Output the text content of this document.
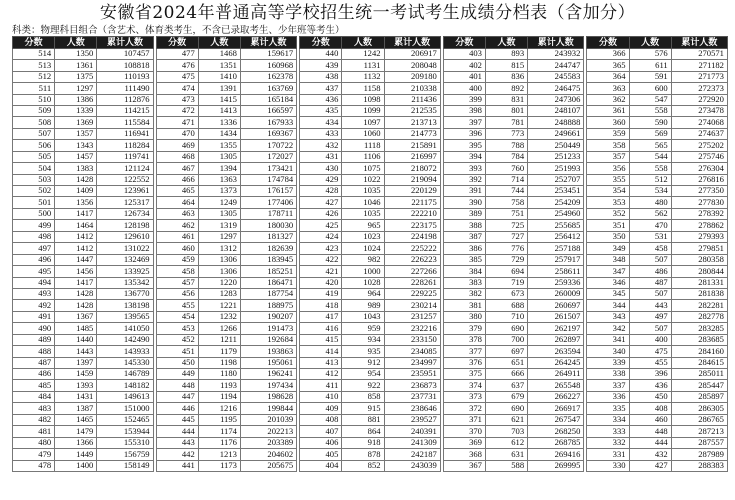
安徽省2024年普通高等学校招生统一考试考生成绩分档表（含加分）
科类：物理科目组合（含艺术、体育类考生，不含已录取考生、少年班等考生）
分数	人数	累计人数
514	1350	107457
513	1361	108818
512	1375	110193
511	1297	111490
510	1386	112876
509	1339	114215
508	1369	115584
507	1357	116941
506	1343	118284
505	1457	119741
504	1383	121124
503	1428	122552
502	1409	123961
501	1356	125317
500	1417	126734
499	1464	128198
498	1412	129610
497	1412	131022
496	1447	132469
495	1456	133925
494	1417	135342
493	1428	136770
492	1428	138198
491	1367	139565
490	1485	141050
489	1440	142490
488	1443	143933
487	1397	145330
486	1459	146789
485	1393	148182
484	1431	149613
483	1387	151000
482	1465	152465
481	1479	153944
480	1366	155310
479	1449	156759
478	1400	158149
分数	人数	累计人数
477	1468	159617
476	1351	160968
475	1410	162378
474	1391	163769
473	1415	165184
472	1413	166597
471	1336	167933
470	1434	169367
469	1355	170722
468	1305	172027
467	1394	173421
466	1363	174784
465	1373	176157
464	1249	177406
463	1305	178711
462	1319	180030
461	1297	181327
460	1312	182639
459	1306	183945
458	1306	185251
457	1220	186471
456	1283	187754
455	1221	188975
454	1232	190207
453	1266	191473
452	1211	192684
451	1179	193863
450	1198	195061
449	1180	196241
448	1193	197434
447	1194	198628
446	1216	199844
445	1195	201039
444	1174	202213
443	1176	203389
442	1213	204602
441	1173	205675
分数	人数	累计人数
440	1242	206917
439	1131	208048
438	1132	209180
437	1158	210338
436	1098	211436
435	1099	212535
434	1097	213713
433	1060	214773
432	1118	215891
431	1106	216997
430	1075	218072
429	1022	219094
428	1035	220129
427	1046	221175
426	1035	222210
425	965	223175
424	1023	224198
423	1024	225222
422	982	226223
421	1000	227266
420	1028	228261
419	964	229225
418	989	230214
417	1043	231257
416	959	232216
415	934	233150
414	935	234085
413	912	234997
412	954	235951
411	922	236873
410	858	237731
409	915	238646
408	881	239527
407	864	240391
406	918	241309
405	878	242187
404	852	243039
分数	人数	累计人数
403	893	243932
402	815	244747
401	836	245583
400	892	246475
399	831	247306
398	801	248107
397	781	248888
396	773	249661
395	788	250449
394	784	251233
393	760	251993
392	714	252707
391	744	253451
390	758	254209
389	751	254960
388	725	255685
387	727	256412
386	776	257188
385	729	257917
384	694	258611
383	719	259336
382	673	260009
381	688	260697
380	710	261507
379	690	262197
378	700	262897
377	697	263594
376	651	264245
375	666	264911
374	637	265548
373	679	266227
372	690	266917
371	621	267547
370	703	268250
369	612	268785
368	631	269416
367	588	269995
分数	人数	累计人数
366	576	270571
365	611	271182
364	591	271773
363	600	272373
362	547	272920
361	558	273478
360	590	274068
359	569	274637
358	565	275202
357	544	275746
356	558	276304
355	512	276816
354	534	277350
353	480	277830
352	562	278392
351	470	278862
350	531	279393
349	458	279851
348	507	280358
347	486	280844
346	487	281331
345	507	281838
344	443	282281
343	497	282778
342	507	283285
341	400	283685
340	475	284160
339	455	284615
338	396	285011
337	436	285447
336	450	285897
335	408	286305
334	460	286765
333	448	287213
332	444	287557
331	432	287989
330	427	288383
